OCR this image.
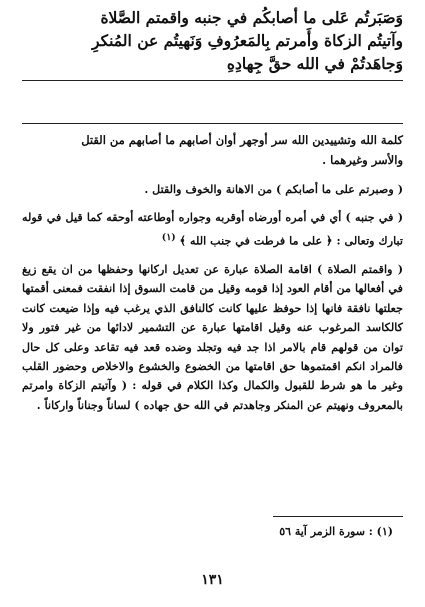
وَصَبَرتُم عَلى ما أصابكُم في جنبه واقمتم الصَّلاة

وآتيتُم الزكاة وأَمرتم بِالمَعرُوفِ وَنَهيتُم عن المُنكرِ

وَجاهَدتُمْ في الله حقَّ جِهادِهِ

كلمة الله وتشييدين الله سر أوجهر أوان أصابهم ما أصابهم من القتل

والأسر وغيرهما .

( وصبرتم على ما أصابكم ) من الاهانة والخوف والقتل .

( في جنبه ) أي في أمره أورضاه أوقربه وجواره أوطاعته أوحقه كما قيل في قوله تبارك وتعالى : ﴿ على ما فرطت في جنب الله ﴾ $^{(١)}$

( واقمتم الصلاة ) اقامة الصلاة عبارة عن تعديل اركانها وحفظها من ان يقع زيغ في أفعالها من أقام العود إذا قومه وقيل من قامت السوق إذا انفقت فمعنى أقمتها جعلتها نافقة فانها إذا حوفظ عليها كانت كالنافق الذي يرغب فيه وإذا ضيعت كانت كالكاسد المرغوب عنه وقيل اقامتها عبارة عن التشمير لادائها من غير فتور ولا توان من قولهم قام بالامر اذا جد فيه وتجلد وضده قعد فيه تقاعد وعلى كل حال فالمراد انكم اقمتموها حق اقامتها من الخضوع والخشوع والاخلاص وحضور القلب وغير ما هو شرط للقبول والكمال وكذا الكلام في قوله : ( وآتيتم الزكاة وامرتم بالمعروف ونهيتم عن المنكر وجاهدتم في الله حق جهاده ) لساناً وجناناً واركاناً .

(١) : سورة الزمر آية ٥٦
١٣١
